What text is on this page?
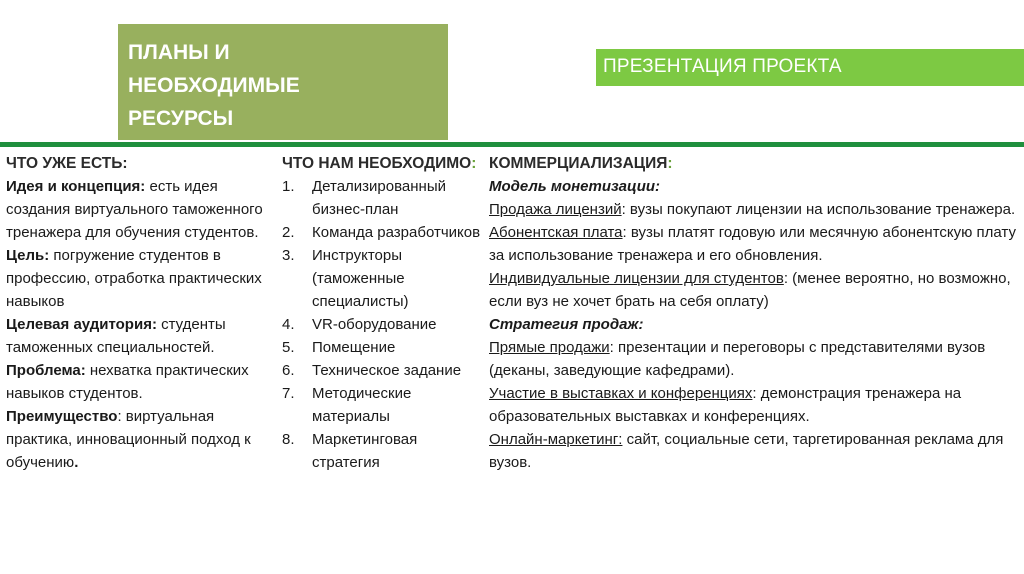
ПЛАНЫ И
НЕОБХОДИМЫЕ
РЕСУРСЫ
ПРЕЗЕНТАЦИЯ ПРОЕКТА
ЧТО УЖЕ ЕСТЬ:

Идея и концепция: есть идея создания виртуального таможенного тренажера для обучения студентов.

Цель: погружение студентов в профессию, отработка практических навыков

Целевая аудитория: студенты таможенных специальностей.

Проблема: нехватка практических навыков студентов.

Преимущество: виртуальная практика, инновационный подход к обучению.

ЧТО НАМ НЕОБХОДИМО:
1.	Детализированный бизнес-план
2.	Команда разработчиков
3.	Инструкторы (таможенные специалисты)
4.	VR-оборудование
5.	Помещение
6.	Техническое задание
7.	Методические материалы
8.	Маркетинговая стратегия
КОММЕРЦИАЛИЗАЦИЯ:
Модель монетизации:

Продажа лицензий: вузы покупают лицензии на использование тренажера.

Абонентская плата: вузы платят годовую или месячную абонентскую плату за использование тренажера и его обновления.

Индивидуальные лицензии для студентов: (менее вероятно, но возможно, если вуз не хочет брать на себя оплату)

Стратегия продаж:

Прямые продажи: презентации и переговоры с представителями вузов (деканы, заведующие кафедрами).

Участие в выставках и конференциях: демонстрация тренажера на образовательных выставках и конференциях.

Онлайн-маркетинг: сайт, социальные сети, таргетированная реклама для вузов.
